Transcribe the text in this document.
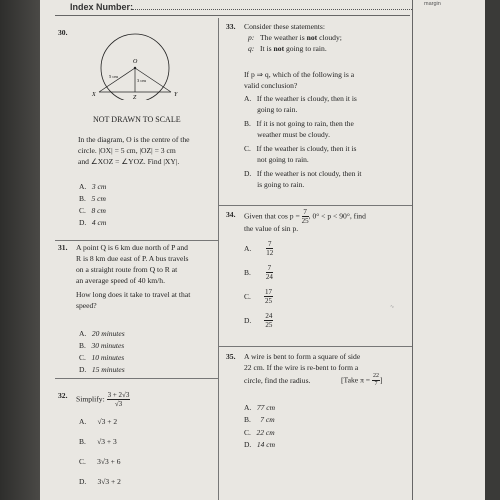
Index Number:	margin
30.
O
X	Y
Z
5 cm
3 cm
NOT DRAWN TO SCALE
In the diagram, O is the centre of the
circle. |OX| = 5 cm, |OZ| = 3 cm
and ∠XOZ = ∠YOZ. Find |XY|.
A. 3 cm
B. 5 cm
C. 8 cm
D. 4 cm
31. A point Q is 6 km due north of P and
R is 8 km due east of P. A bus travels
on a straight route from Q to R at
an average speed of 40 km/h.
How long does it take to travel at that
speed?
A. 20 minutes
B. 30 minutes
C. 10 minutes
D. 15 minutes
32. Simplify: $\frac{3 + 2√3}{√3}$
A. √3 + 2
B. √3 + 3
C. 3√3 + 6
D. 3√3 + 2
33. Consider these statements:
p: The weather is not cloudy;
q: It is not going to rain.
If p ⇒ q, which of the following is a
valid conclusion?
A. If the weather is cloudy, then it is
going to rain.
B. If it is not going to rain, then the
weather must be cloudy.
C. If the weather is cloudy, then it is
not going to rain.
D. If the weather is not cloudy, then it
is going to rain.
34. Given that $\cos p = \frac{7}{25}$ , 0° < p < 90°, find
the value of sin p.
A. $\frac{7}{12}$
B. $\frac{7}{24}$
C. $\frac{17}{25}$
D. $\frac{24}{25}$
∿
35. A wire is bent to form a square of side
22 cm. If the wire is re-bent to form a
circle, find the radius.	[Take $\pi = \frac{22}{7}$ ]
A. 77 cm
B. 7 cm
C. 22 cm
D. 14 cm
